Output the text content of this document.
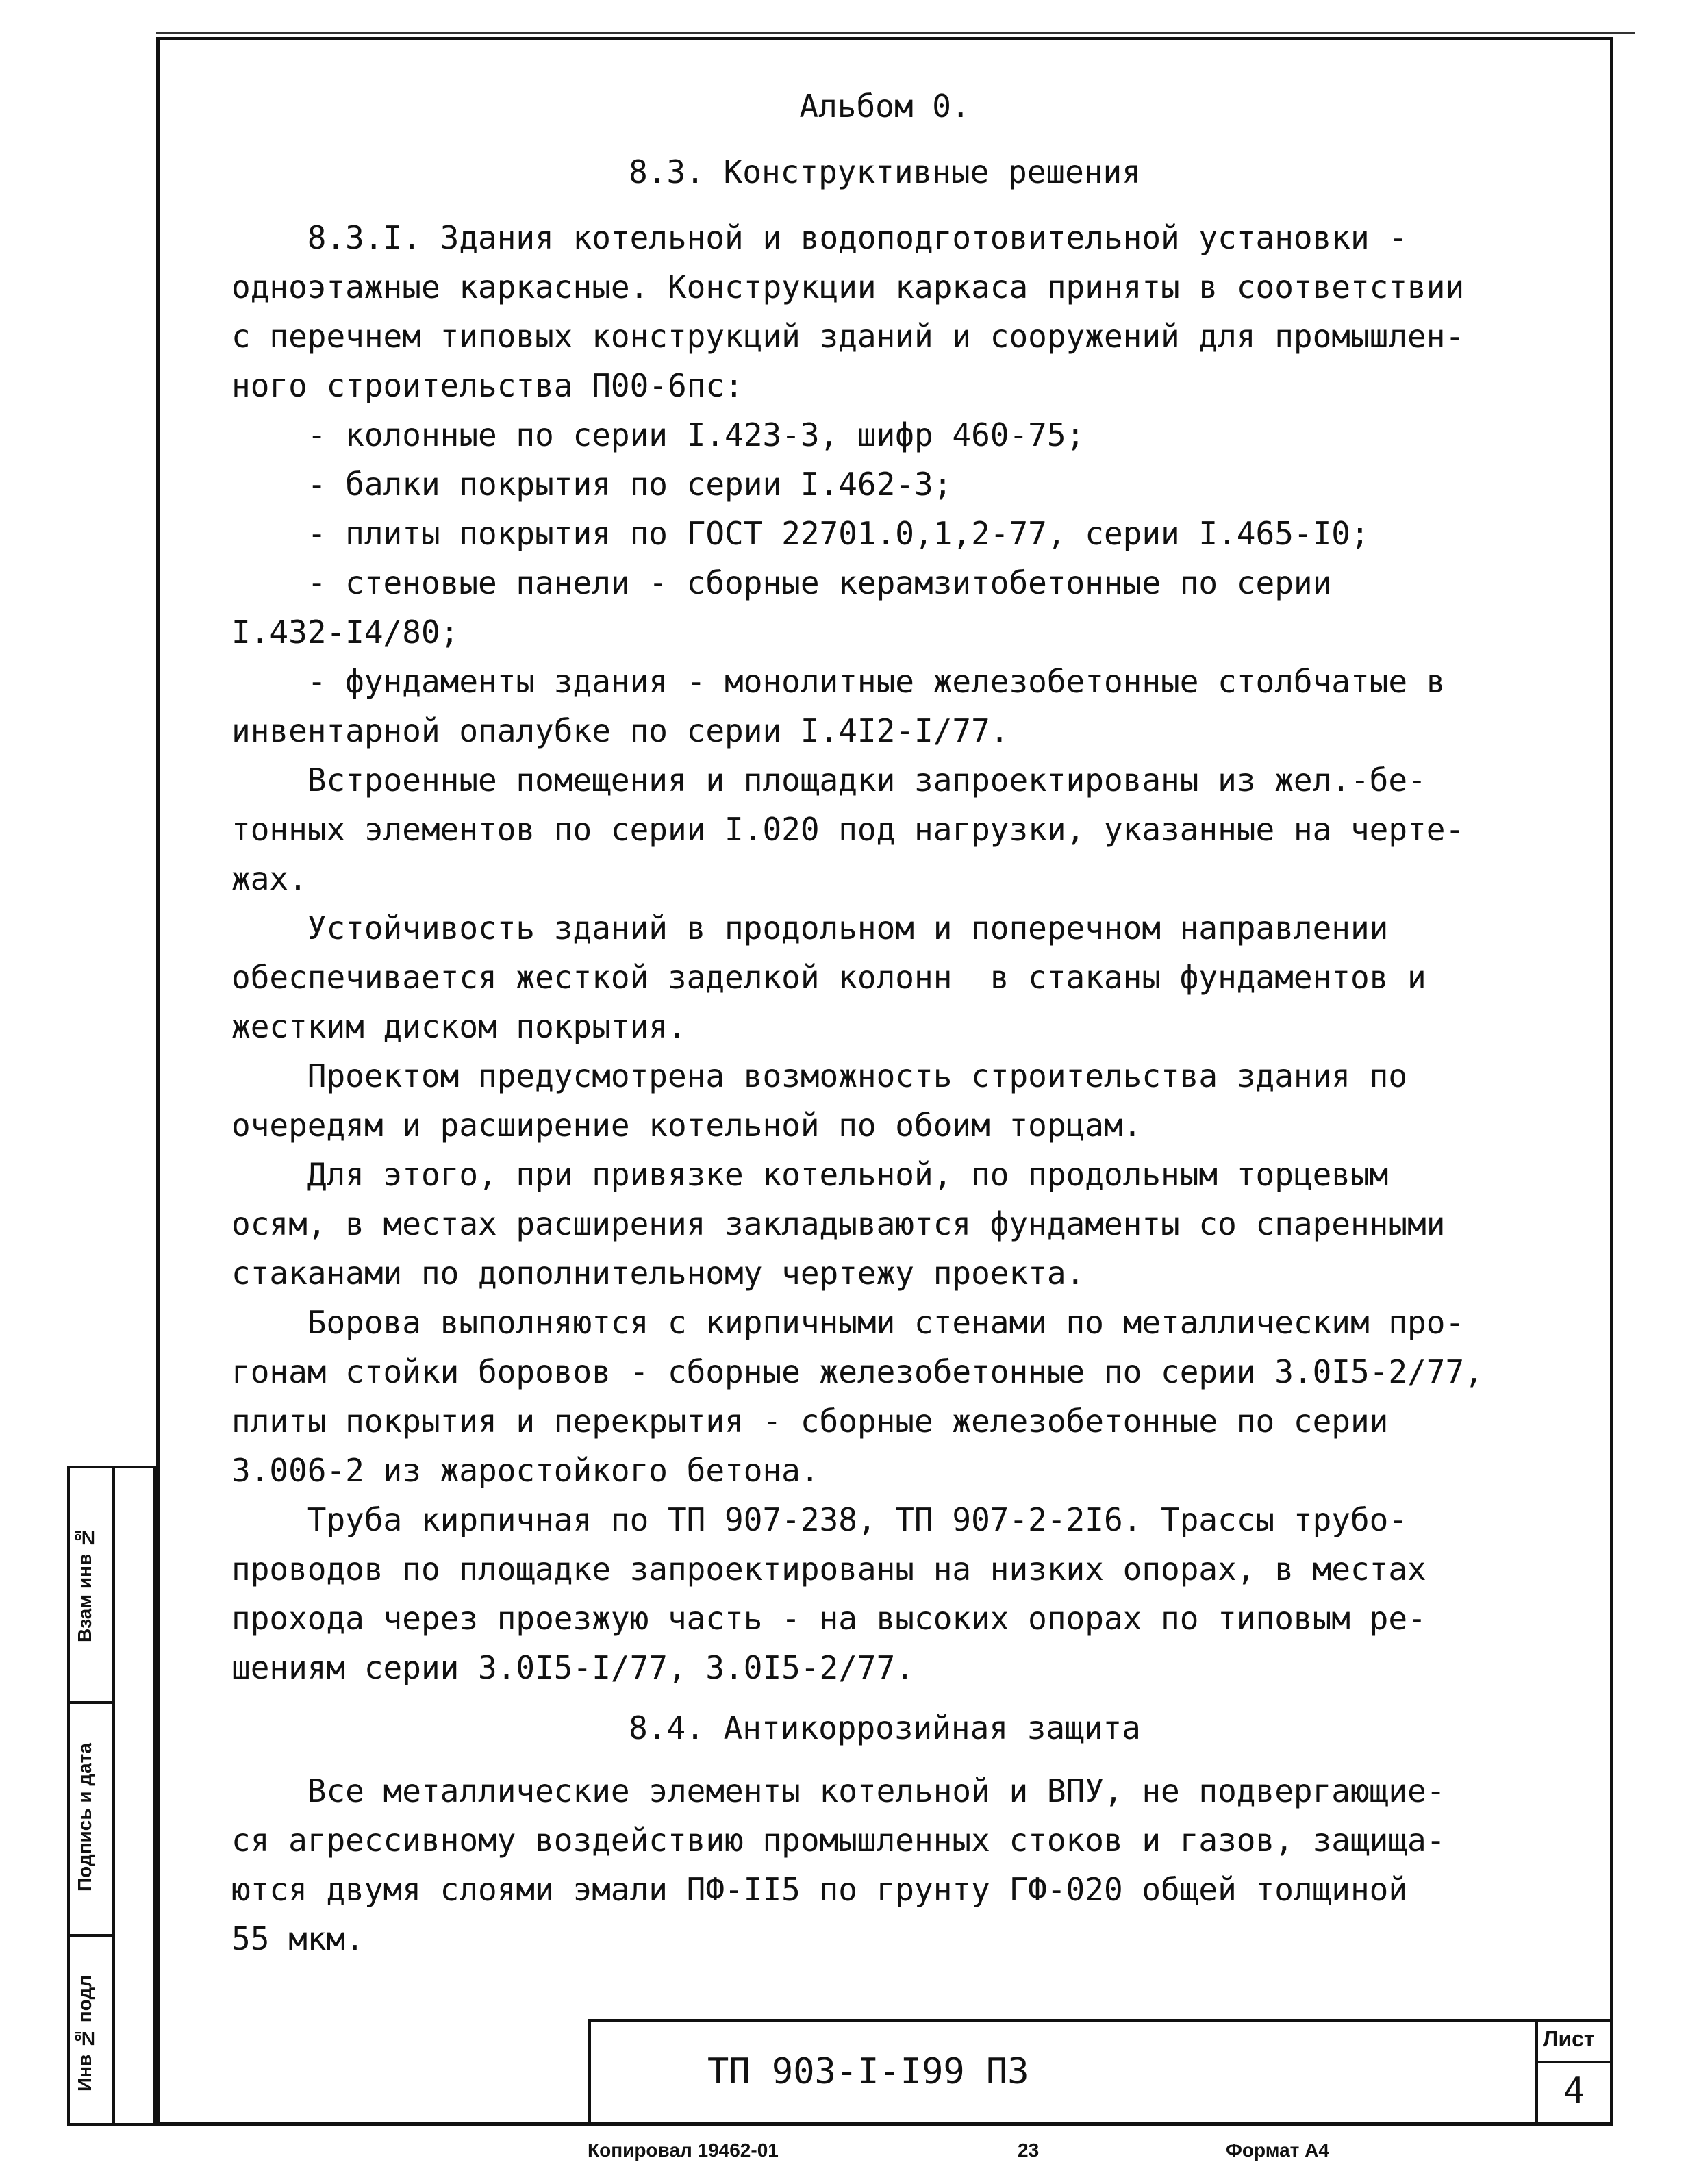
Альбом 0.
8.3. Конструктивные решения
8.3.I. Здания котельной и водоподготовительной установки -
одноэтажные каркасные. Конструкции каркаса приняты в соответствии
с перечнем типовых конструкций зданий и сооружений для промышлен-
ного строительства П00-6пс:
- колонные по серии I.423-3, шифр 460-75;
- балки покрытия по серии I.462-3;
- плиты покрытия по ГОСТ 22701.0,1,2-77, серии I.465-I0;
- стеновые панели - сборные керамзитобетонные по серии
I.432-I4/80;
- фундаменты здания - монолитные железобетонные столбчатые в
инвентарной опалубке по серии I.4I2-I/77.
Встроенные помещения и площадки запроектированы из жел.-бе-
тонных элементов по серии I.020 под нагрузки, указанные на черте-
жах.
Устойчивость зданий в продольном и поперечном направлении
обеспечивается жесткой заделкой колонн  в стаканы фундаментов и
жестким диском покрытия.
Проектом предусмотрена возможность строительства здания по
очередям и расширение котельной по обоим торцам.
Для этого, при привязке котельной, по продольным торцевым
осям, в местах расширения закладываются фундаменты со спаренными
стаканами по дополнительному чертежу проекта.
Борова выполняются с кирпичными стенами по металлическим про-
гонам стойки боровов - сборные железобетонные по серии 3.0I5-2/77,
плиты покрытия и перекрытия - сборные железобетонные по серии
3.006-2 из жаростойкого бетона.
Труба кирпичная по ТП 907-238, ТП 907-2-2I6. Трассы трубо-
проводов по площадке запроектированы на низких опорах, в местах
прохода через проезжую часть - на высоких опорах по типовым ре-
шениям серии 3.0I5-I/77, 3.0I5-2/77.
8.4. Антикоррозийная защита
Все металлические элементы котельной и ВПУ, не подвергающие-
ся агрессивному воздействию промышленных стоков и газов, защища-
ются двумя слоями эмали ПФ-II5 по грунту ГФ-020 общей толщиной
55 мкм.
Взам инв №
Подпись и дата
Инв № подл	ТП 903-I-I99 ПЗ
Лист
4
Копировал 19462-01	23	Формат А4
